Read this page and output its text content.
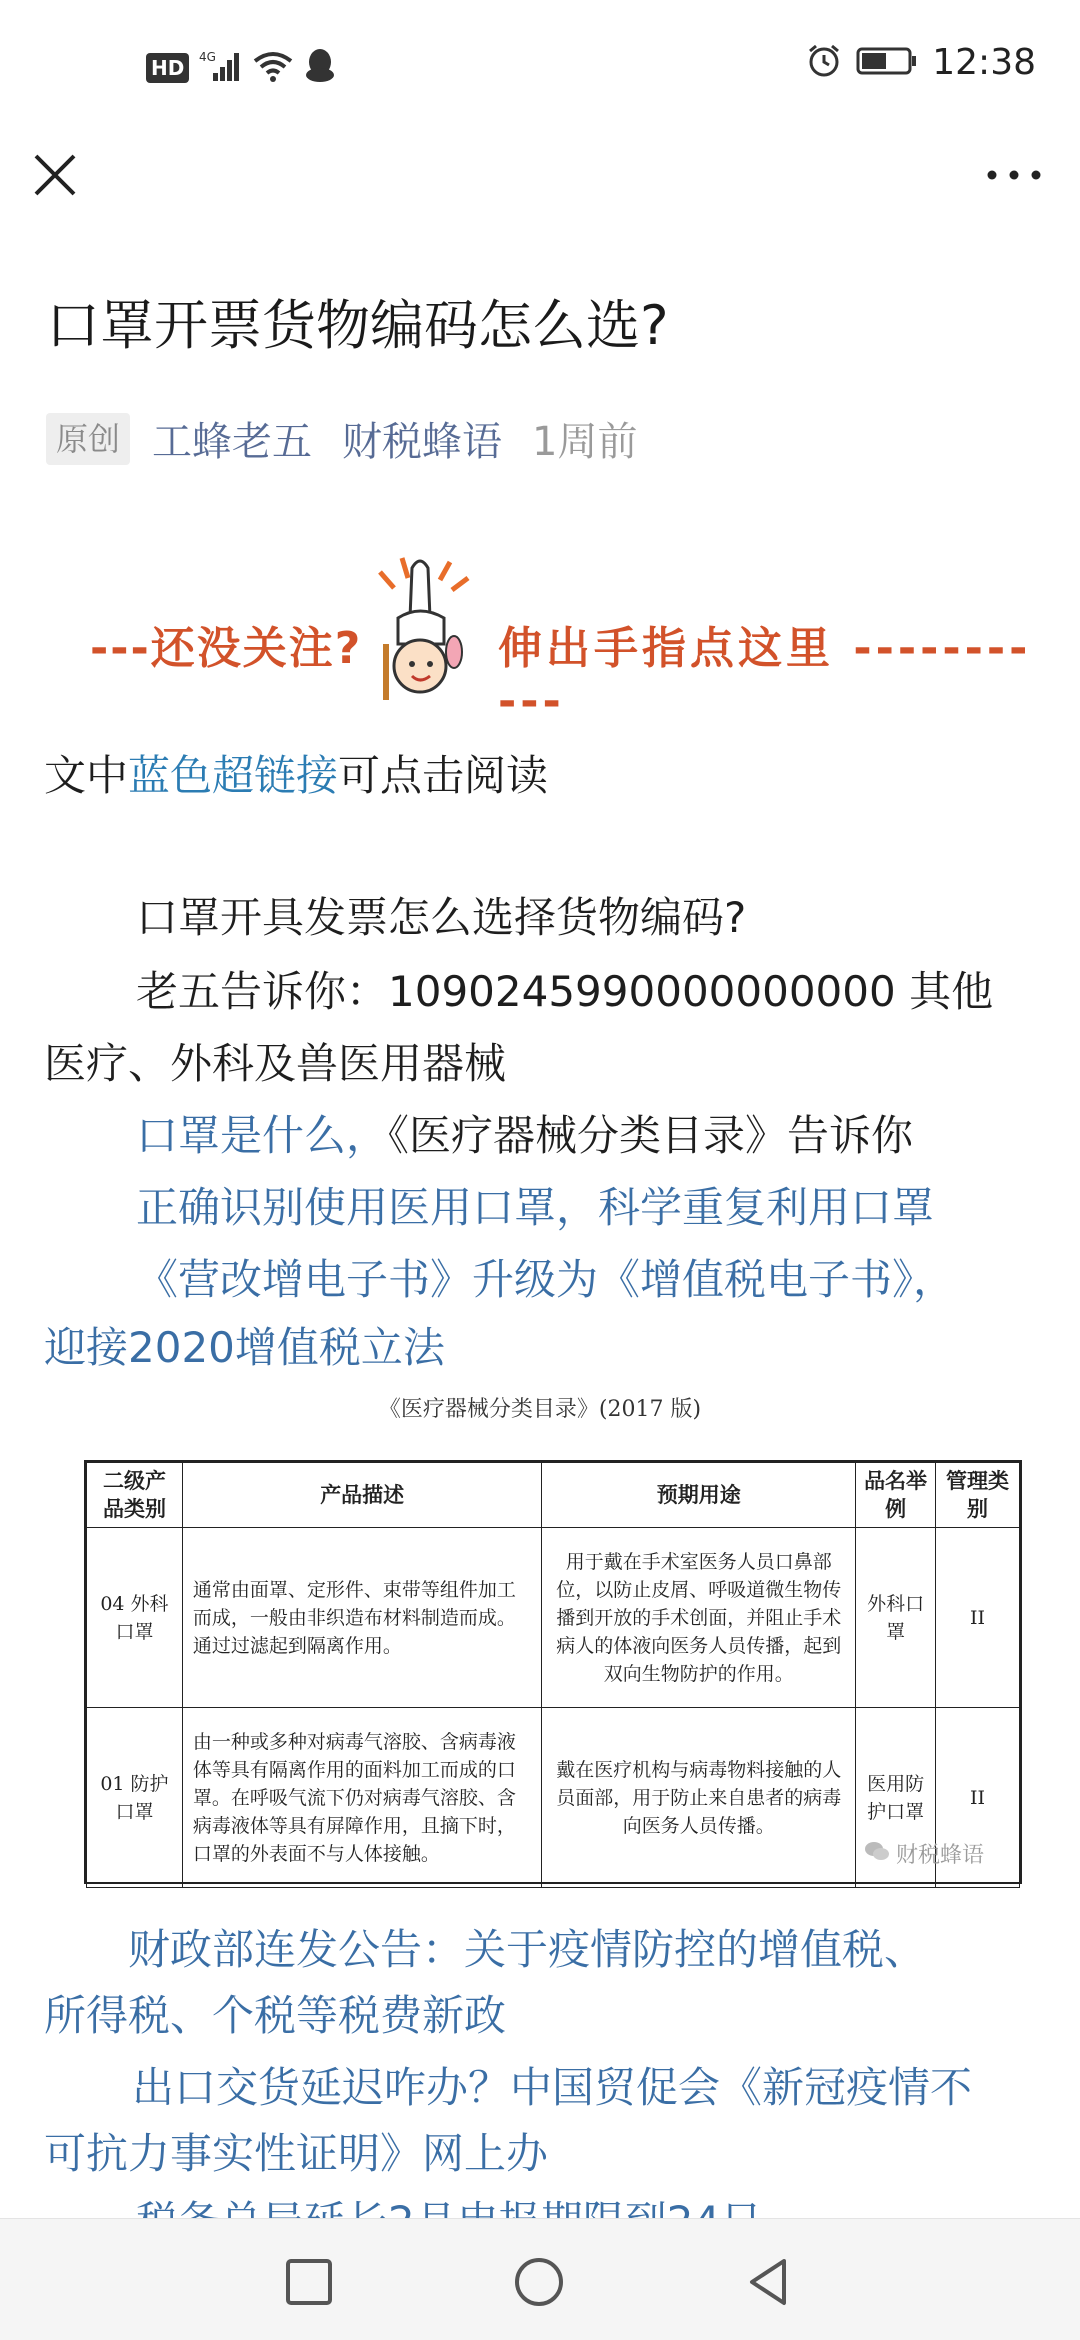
HD	4G	12:38
口罩开票货物编码怎么选?
原创 工蜂老五 财税蜂语 1周前
---还没关注?	伸出手指点这里 -----------
文中蓝色超链接可点击阅读
口罩开具发票怎么选择货物编码?
老五告诉你：1090245990000000000 其他
医疗、外科及兽医用器械
口罩是什么，《医疗器械分类目录》告诉你
正确识别使用医用口罩，科学重复利用口罩
《营改增电子书》升级为《增值税电子书》，
迎接2020增值税立法
《医疗器械分类目录》(2017 版)
二级产品类别	产品描述	预期用途	品名举例	管理类别
04 外科口罩	通常由面罩、定形件、束带等组件加工而成，一般由非织造布材料制造而成。通过过滤起到隔离作用。	用于戴在手术室医务人员口鼻部位，以防止皮屑、呼吸道微生物传播到开放的手术创面，并阻止手术病人的体液向医务人员传播，起到双向生物防护的作用。	外科口罩	II
01 防护口罩	由一种或多种对病毒气溶胶、含病毒液体等具有隔离作用的面料加工而成的口罩。在呼吸气流下仍对病毒气溶胶、含病毒液体等具有屏障作用，且摘下时，口罩的外表面不与人体接触。	戴在医疗机构与病毒物料接触的人员面部，用于防止来自患者的病毒向医务人员传播。	医用防护口罩	II
财税蜂语
财政部连发公告：关于疫情防控的增值税、
所得税、个税等税费新政
出口交货延迟咋办？中国贸促会《新冠疫情不
可抗力事实性证明》网上办
